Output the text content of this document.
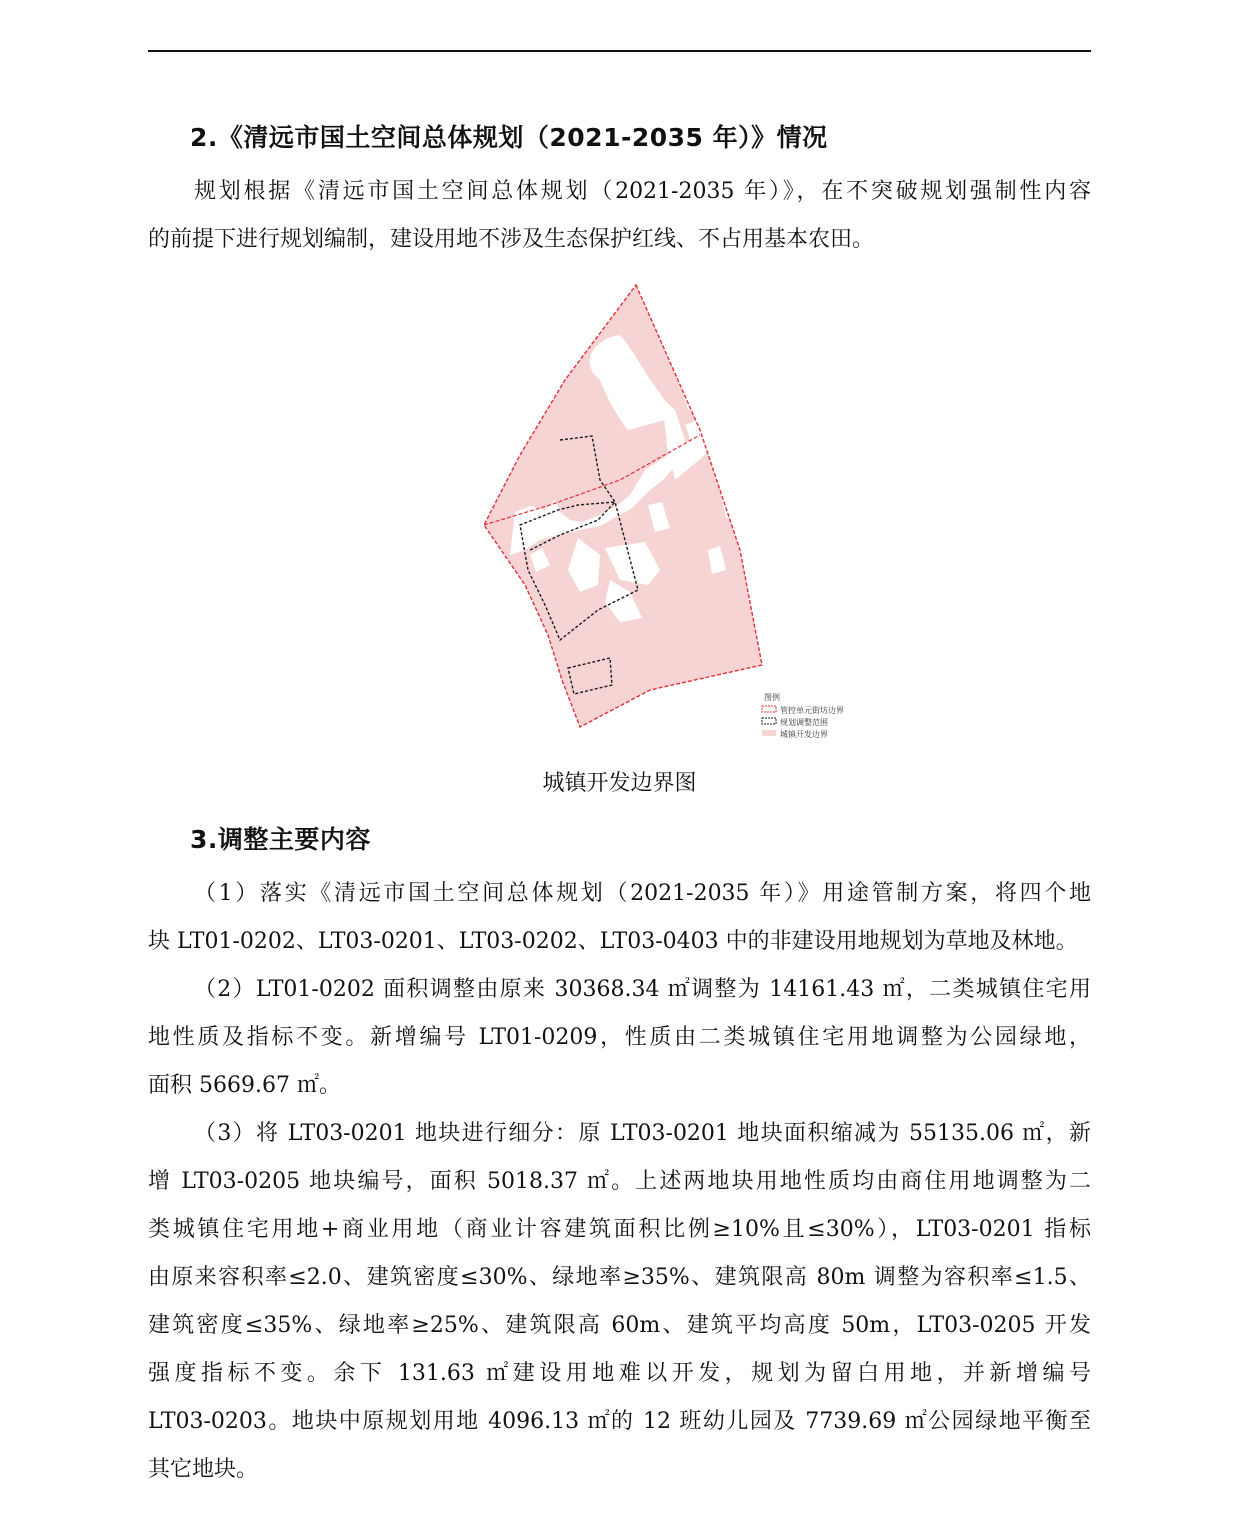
2.《清远市国土空间总体规划（2021-2035 年）》情况
规划根据《清远市国土空间总体规划（2021-2035 年）》，在不突破规划强制性内容
的前提下进行规划编制，建设用地不涉及生态保护红线、不占用基本农田。
图例
管控单元街坊边界
规划调整范围
城镇开发边界
城镇开发边界图
3.调整主要内容
（1）落实《清远市国土空间总体规划（2021-2035 年）》用途管制方案，将四个地
块 LT01-0202、LT03-0201、LT03-0202、LT03-0403 中的非建设用地规划为草地及林地。
（2）LT01-0202 面积调整由原来 30368.34 ㎡调整为 14161.43 ㎡，二类城镇住宅用
地性质及指标不变。新增编号 LT01-0209，性质由二类城镇住宅用地调整为公园绿地，
面积 5669.67 ㎡。
（3）将 LT03-0201 地块进行细分：原 LT03-0201 地块面积缩减为 55135.06 ㎡，新
增 LT03-0205 地块编号，面积 5018.37 ㎡。上述两地块用地性质均由商住用地调整为二
类城镇住宅用地+商业用地（商业计容建筑面积比例≥10%且≤30%），LT03-0201 指标
由原来容积率≤2.0、建筑密度≤30%、绿地率≥35%、建筑限高 80m 调整为容积率≤1.5、
建筑密度≤35%、绿地率≥25%、建筑限高 60m、建筑平均高度 50m，LT03-0205 开发
强度指标不变。余下 131.63 ㎡建设用地难以开发，规划为留白用地，并新增编号
LT03-0203。地块中原规划用地 4096.13 ㎡的 12 班幼儿园及 7739.69 ㎡公园绿地平衡至
其它地块。
